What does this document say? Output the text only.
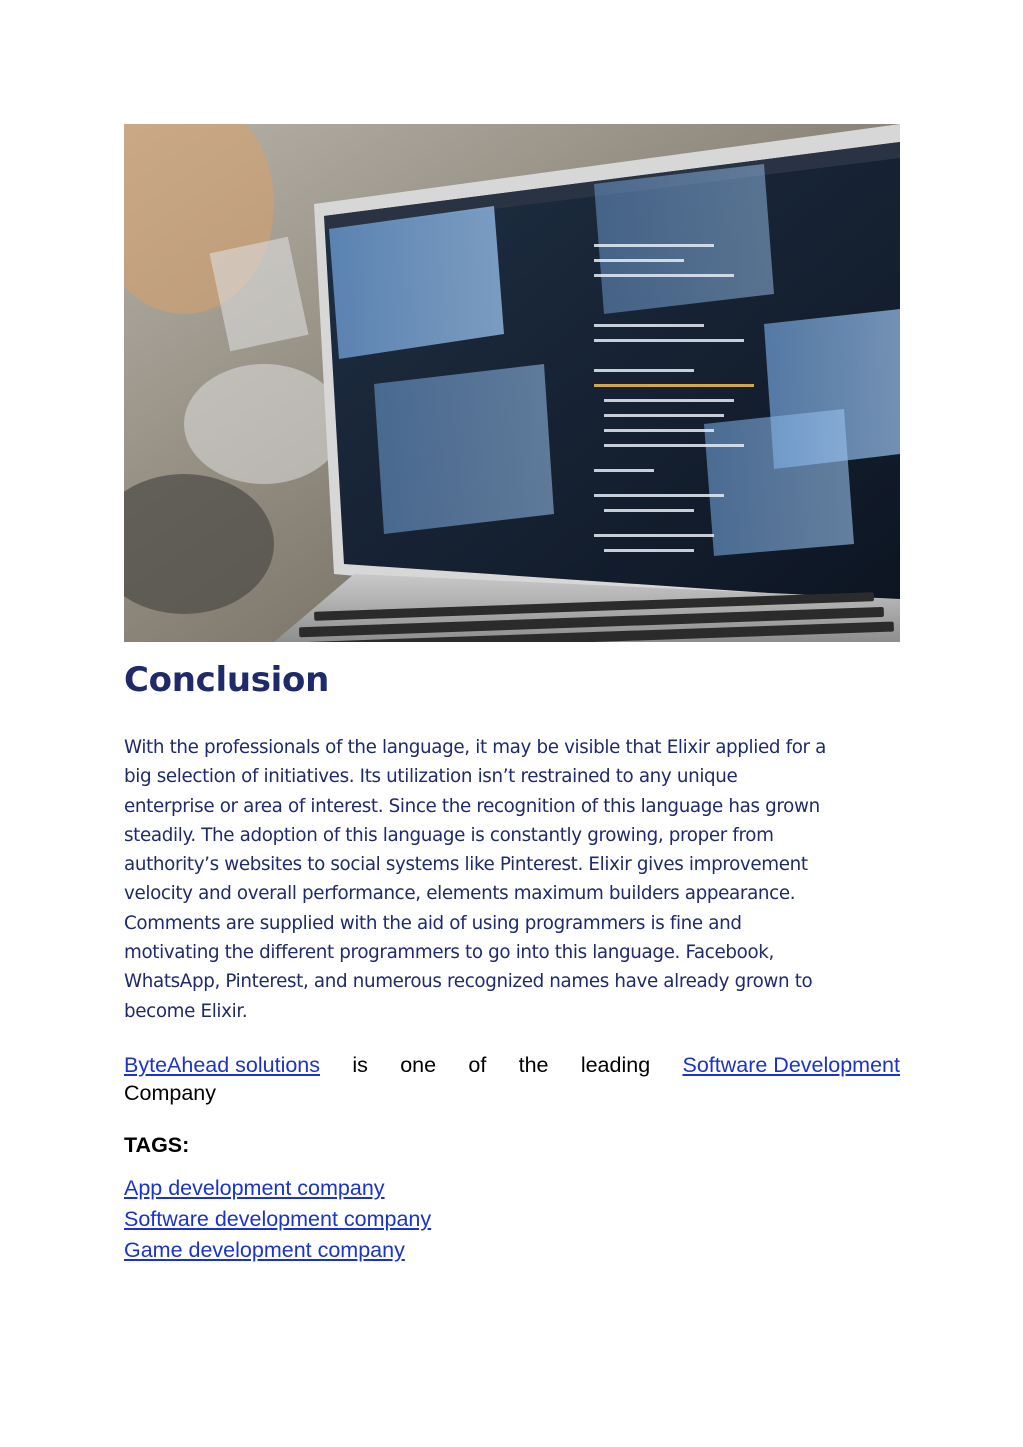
Conclusion
With the professionals of the language, it may be visible that Elixir applied for a
big selection of initiatives. Its utilization isn’t restrained to any unique
enterprise or area of interest. Since the recognition of this language has grown
steadily. The adoption of this language is constantly growing, proper from
authority’s websites to social systems like Pinterest. Elixir gives improvement
velocity and overall performance, elements maximum builders appearance.
Comments are supplied with the aid of using programmers is fine and
motivating the different programmers to go into this language. Facebook,
WhatsApp, Pinterest, and numerous recognized names have already grown to
become Elixir.
ByteAhead solutions is one of the leading Software Development
Company
TAGS:
App development company
Software development company
Game development company
